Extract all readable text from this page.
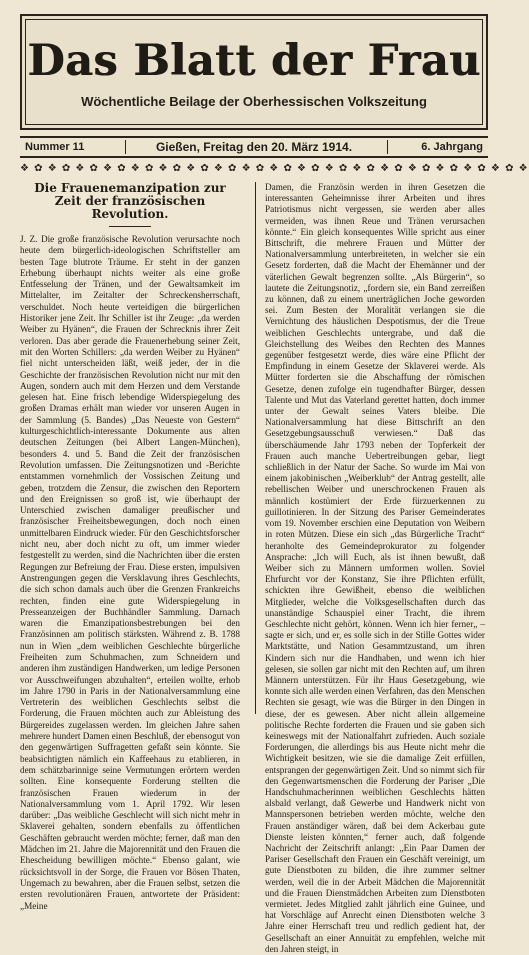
Das Blatt der Frau
Wöchentliche Beilage der Oberhessischen Volkszeitung
Nummer 11	Gießen, Freitag den 20. März 1914.	6. Jahrgang
❖ ✿ ❖ ✿ ❖ ✿ ❖ ✿ ❖ ✿ ❖ ✿ ❖ ✿ ❖ ✿ ❖ ✿ ❖ ✿ ❖ ✿ ❖ ✿ ❖ ✿ ❖ ✿ ❖ ✿ ❖ ✿ ❖ ✿ ❖ ✿ ❖
Die Frauenemanzipation zur Zeit der französischen Revolution.

J. Z. Die große französische Revolution verursachte noch heute dem bürgerlich-ideologischen Schriftsteller am besten Tage blutrote Träume. Er steht in der ganzen Erhebung überhaupt nichts weiter als eine große Entfesselung der Tränen, und der Gewaltsamkeit im Mittelalter, im Zeitalter der Schreckensherrschaft, verschuldet. Noch heute verteidigen die bürgerlichen Historiker jene Zeit. Ihr Schiller ist ihr Zeuge: „da werden Weiber zu Hyänen“, die Frauen der Schrecknis ihrer Zeit verloren. Das aber gerade die Frauenerhebung seiner Zeit, mit den Worten Schillers: „da werden Weiber zu Hyänen“ fiel nicht unterscheiden läßt, weiß jeder, der in die Geschichte der französischen Revolution nicht nur mit den Augen, sondern auch mit dem Herzen und dem Verstande gelesen hat. Eine frisch lebendige Widerspiegelung des großen Dramas erhält man wieder vor unseren Augen in der Sammlung (5. Bandes) „Das Neueste von Gestern“ kulturgeschichtlich-interessante Dokumente aus alten deutschen Zeitungen (bei Albert Langen-München), besonders 4. und 5. Band die Zeit der französischen Revolution umfassen. Die Zeitungsnotizen und -Berichte entstammen vornehmlich der Vossischen Zeitung und geben, trotzdem die Zensur, die zwischen den Reportern und den Ereignissen so groß ist, wie überhaupt der Unterschied zwischen damaliger preußischer und französischer Freiheitsbewegungen, doch noch einen unmittelbaren Eindruck wieder. Für den Geschichtsforscher nicht neu, aber doch nicht zu oft, um immer wieder festgestellt zu werden, sind die Nachrichten über die ersten Regungen zur Befreiung der Frau. Diese ersten, impulsiven Anstrengungen gegen die Versklavung ihres Geschlechts, die sich schon damals auch über die Grenzen Frankreichs rechten, finden eine gute Widerspiegelung in Presseanzeigen der Buchhändler Sammlung. Darnach waren die Emanzipationsbestrebungen bei den Französinnen am politisch stärksten. Während z. B. 1788 nun in Wien „dem weiblichen Geschlechte bürgerliche Freiheiten zum Schuhmachen, zum Schneidern und anderen ihm zuständigen Handwerken, um ledige Personen vor Ausschweifungen abzuhalten“, erteilen wollte, erhob im Jahre 1790 in Paris in der Nationalversammlung eine Vertreterin des weiblichen Geschlechts selbst die Forderung, die Frauen möchten auch zur Ableistung des Bürgereides zugelassen werden. Im gleichen Jahre sahen mehrere hundert Damen einen Beschluß, der ebensogut von den gegenwärtigen Suffragetten gefaßt sein könnte. Sie beabsichtigten nämlich ein Kaffeehaus zu etablieren, in dem schätzbarinnige seine Vermutungen erörtern werden sollten. Eine konsequente Forderung stellten die französischen Frauen wiederum in der Nationalversammlung vom 1. April 1792. Wir lesen darüber: „Das weibliche Geschlecht will sich nicht mehr in Sklaverei gehalten, sondern ebenfalls zu öffentlichen Geschäften gebraucht werden möchte; ferner, daß man den Mädchen im 21. Jahre die Majorennität und den Frauen die Ehescheidung bewilligen möchte.“ Ebenso galant, wie rücksichtsvoll in der Sorge, die Frauen vor Bösen Thaten, Ungemach zu bewahren, aber die Frauen selbst, setzen die ersten revolutionären Frauen, antwortete der Präsident: „Meine

Damen, die Französin werden in ihren Gesetzen die interessanten Geheimnisse ihrer Arbeiten und ihres Patriotismus nicht vergessen, sie werden aber alles vermeiden, was ihnen Reue und Tränen verursachen könnte.“ Ein gleich konsequentes Wille spricht aus einer Bittschrift, die mehrere Frauen und Mütter der Nationalversammlung unterbreiteten, in welcher sie ein Gesetz forderten, daß die Macht der Ehemänner und der väterlichen Gewalt begrenzen sollte. „Als Bürgerin“, so lautete die Zeitungsnotiz, „fordern sie, ein Band zerreißen zu können, daß zu einem unerträglichen Joche geworden sei. Zum Besten der Moralität verlangen sie die Vernichtung des häuslichen Despotismus, der die Treue weiblichen Geschlechts untergrabe, und daß die Gleichstellung des Weibes den Rechten des Mannes gegenüber festgesetzt werde, dies wäre eine Pflicht der Empfindung in einem Gesetze der Sklaverei werde. Als Mütter forderten sie die Abschaffung der römischen Gesetze, denen zufolge ein tugendhafter Bürger, dessen Talente und Mut das Vaterland gerettet hatten, doch immer unter der Gewalt seines Vaters bleibe. Die Nationalversammlung hat diese Bittschrift an den Gesetzgebungsausschuß verwiesen.“ Daß das überschäumende Jahr 1793 neben der Topferkeit der Frauen auch manche Uebertreibungen gebar, liegt schließlich in der Natur der Sache. So wurde im Mai von einem jakobinischen „Weiberklub“ der Antrag gestellt, alle rebellischen Weiber und unerschrockenen Frauen als männlich kostümiert der Erde fürzuerkennen zu guillotinieren. In der Sitzung des Pariser Gemeinderates vom 19. November erschien eine Deputation von Weibern in roten Mützen. Diese ein sich „das Bürgerliche Tracht“ heranholte des Gemeindeprokurator zu folgender Ansprache: „Ich will Euch, als ist ihnen bewußt, daß Weiber sich zu Männern umformen wollen. Soviel Ehrfurcht vor der Konstanz, Sie ihre Pflichten erfüllt, schickten ihre Gewißheit, ebenso die weiblichen Mitglieder, welche die Volksgesellschaften durch das unanständige Schauspiel einer Tracht, die ihrem Geschlechte nicht gehört, können. Wenn ich hier ferner„ – sagte er sich, und er, es solle sich in der Stille Gottes wider Marktstätte, und Nation Gesammtzustand, um ihren Kindern sich nur die Handhaben, und wenn ich hier gelesen, sie sollen gar nicht mit den Rechten auf, um ihren Männern unterstützen. Für ihr Haus Gesetzgebung, wie konnte sich alle werden einen Verfahren, das den Menschen Rechten sie gesagt, wie was die Bürger in den Dingen in diese, der es gewesen. Aber nicht allein allgemeine politische Rechte forderten die Frauen und sie gaben sich keineswegs mit der Nationalfahrt zufrieden. Auch soziale Forderungen, die allerdings bis aus Heute nicht mehr die Wichtigkeit besitzen, wie sie die damalige Zeit erfüllen, entsprangen der gegenwärtigen Zeit. Und so nimmt sich für den Gegenwartsmenschen die Forderung der Pariser „Die Handschuhmacherinnen weiblichen Geschlechts hätten alsbald verlangt, daß Gewerbe und Handwerk nicht von Mannspersonen betrieben werden möchte, welche den Frauen anständiger wären, daß bei dem Ackerbau gute Dienste leisten könnten,“ ferner auch, daß folgende Nachricht der Zeitschrift anlangt: „Ein Paar Damen der Pariser Gesellschaft den Frauen ein Geschäft vereinigt, um gute Dienstboten zu bilden, die ihre zummer seltner werden, weil die in der Arbeit Mädchen die Majorennität und die Frauen Dienstmädchen Arbeiten zum Dienstboten vermietet. Jedes Mitglied zahlt jährlich eine Guinee, und hat Vorschläge auf Anrecht einen Dienstboten welche 3 Jahre einer Herrschaft treu und redlich gedient hat, der Gesellschaft an einer Annuität zu empfehlen, welche mit den Jahren steigt, in
